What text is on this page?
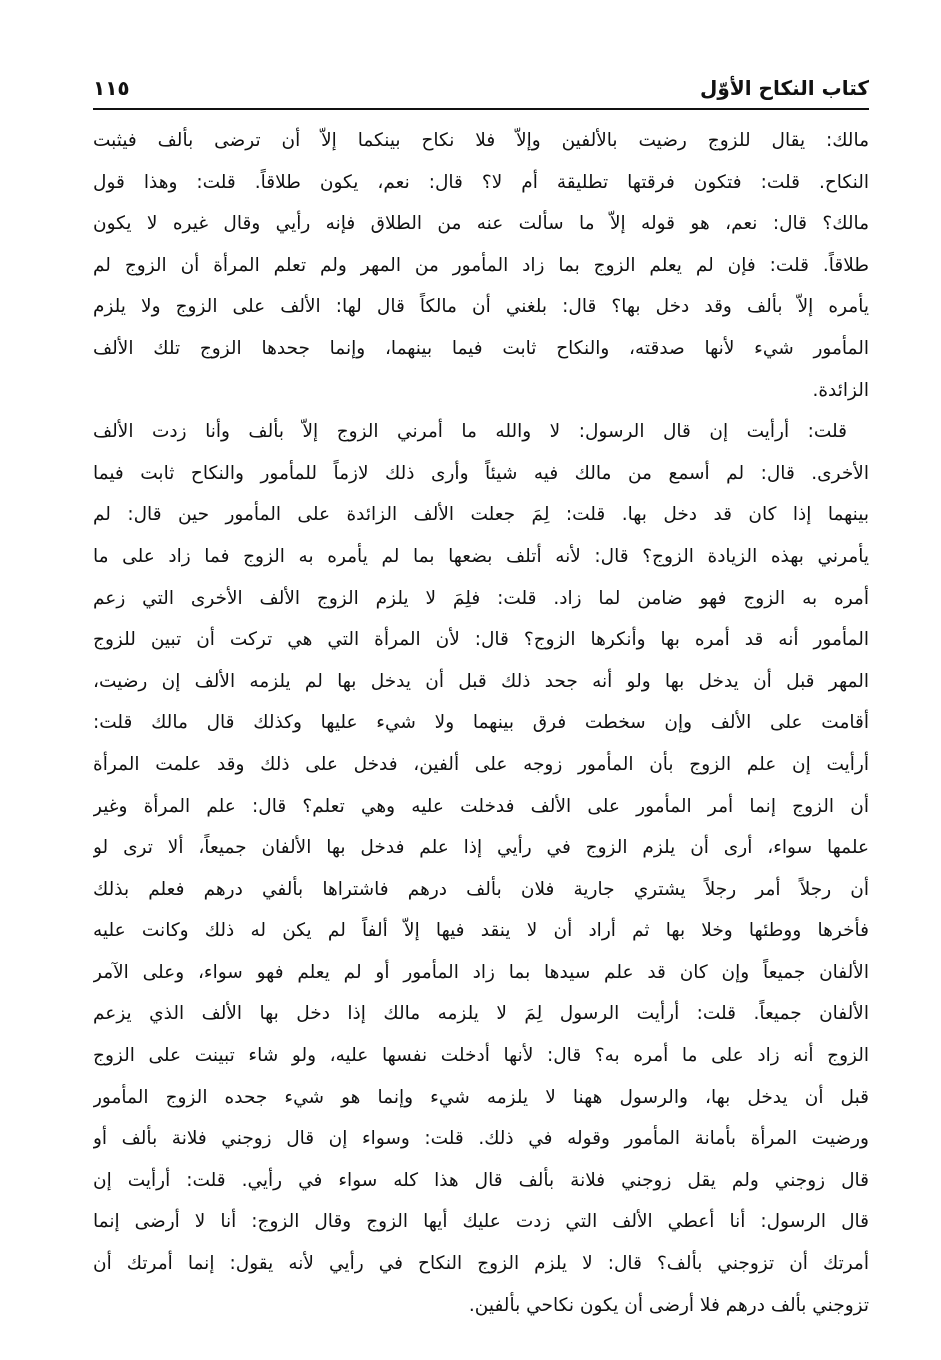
كتاب النكاح الأوّل
١١٥
مالك: يقال للزوج رضيت بالألفين وإلاّ فلا نكاح بينكما إلاّ أن ترضى بألف فيثبت
النكاح. قلت: فتكون فرقتها تطليقة أم لا؟ قال: نعم، يكون طلاقاً. قلت: وهذا قول
مالك؟ قال: نعم، هو قوله إلاّ ما سألت عنه من الطلاق فإنه رأيي وقال غيره لا يكون
طلاقاً. قلت: فإن لم يعلم الزوج بما زاد المأمور من المهر ولم تعلم المرأة أن الزوج لم
يأمره إلاّ بألف وقد دخل بها؟ قال: بلغني أن مالكاً قال لها: الألف على الزوج ولا يلزم
المأمور شيء لأنها صدقته، والنكاح ثابت فيما بينهما، وإنما جحدها الزوج تلك الألف
الزائدة.
قلت: أرأيت إن قال الرسول: لا والله ما أمرني الزوج إلاّ بألف وأنا زدت الألف
الأخرى. قال: لم أسمع من مالك فيه شيئاً وأرى ذلك لازماً للمأمور والنكاح ثابت فيما
بينهما إذا كان قد دخل بها. قلت: لِمَ جعلت الألف الزائدة على المأمور حين قال: لم
يأمرني بهذه الزيادة الزوج؟ قال: لأنه أتلف بضعها بما لم يأمره به الزوج فما زاد على ما
أمره به الزوج فهو ضامن لما زاد. قلت: فلِمَ لا يلزم الزوج الألف الأخرى التي زعم
المأمور أنه قد أمره بها وأنكرها الزوج؟ قال: لأن المرأة التي هي تركت أن تبين للزوج
المهر قبل أن يدخل بها ولو أنه جحد ذلك قبل أن يدخل بها لم يلزمه الألف إن رضيت،
أقامت على الألف وإن سخطت فرق بينهما ولا شيء عليها وكذلك قال مالك قلت:
أرأيت إن علم الزوج بأن المأمور زوجه على ألفين، فدخل على ذلك وقد علمت المرأة
أن الزوج إنما أمر المأمور على الألف فدخلت عليه وهي تعلم؟ قال: علم المرأة وغير
علمها سواء، أرى أن يلزم الزوج في رأيي إذا علم فدخل بها الألفان جميعاً، ألا ترى لو
أن رجلاً أمر رجلاً يشتري جارية فلان بألف درهم فاشتراها بألفي درهم فعلم بذلك
فأخرها ووطئها وخلا بها ثم أراد أن لا ينقد فيها إلاّ ألفاً لم يكن له ذلك وكانت عليه
الألفان جميعاً وإن كان قد علم سيدها بما زاد المأمور أو لم يعلم فهو سواء، وعلى الآمر
الألفان جميعاً. قلت: أرأيت الرسول لِمَ لا يلزمه مالك إذا دخل بها الألف الذي يزعم
الزوج أنه زاد على ما أمره به؟ قال: لأنها أدخلت نفسها عليه، ولو شاء تبينت على الزوج
قبل أن يدخل بها، والرسول ههنا لا يلزمه شيء وإنما هو شيء جحده الزوج المأمور
ورضيت المرأة بأمانة المأمور وقوله في ذلك. قلت: وسواء إن قال زوجني فلانة بألف أو
قال زوجني ولم يقل زوجني فلانة بألف قال هذا كله سواء في رأيي. قلت: أرأيت إن
قال الرسول: أنا أعطي الألف التي زدت عليك أيها الزوج وقال الزوج: أنا لا أرضى إنما
أمرتك أن تزوجني بألف؟ قال: لا يلزم الزوج النكاح في رأيي لأنه يقول: إنما أمرتك أن
تزوجني بألف درهم فلا أرضى أن يكون نكاحي بألفين.
